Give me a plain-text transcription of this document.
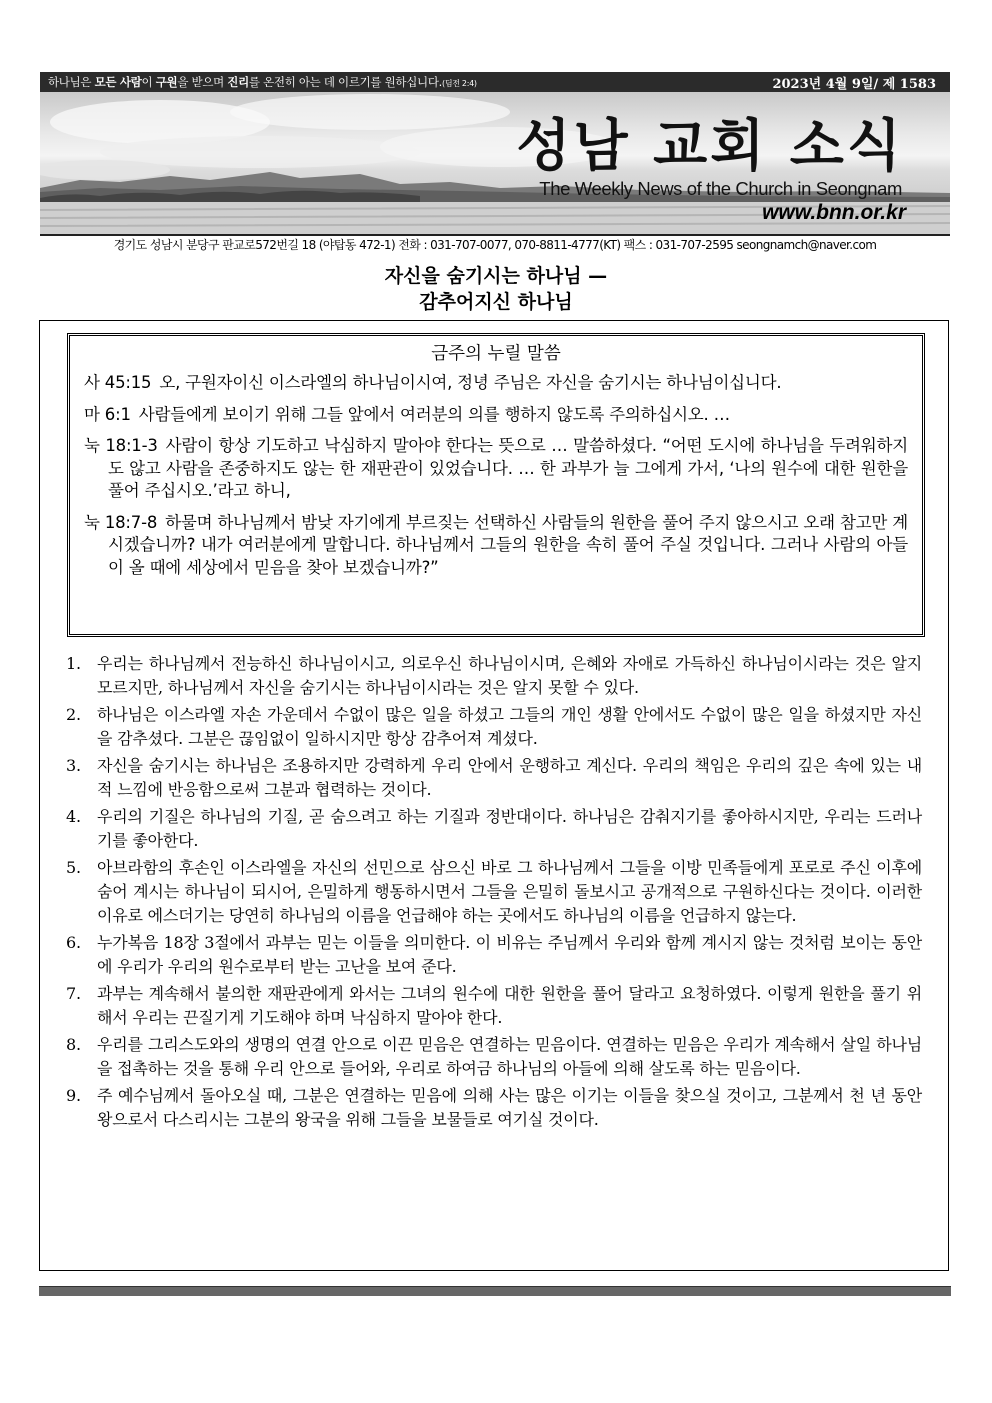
하나님은 모든 사람이 구원을 받으며 진리를 온전히 아는 데 이르기를 원하십니다.(딤전 2:4)	2023년 4월 9일/ 제 1583
성남 교회 소식
The Weekly News of the Church in Seongnam
www.bnn.or.kr
경기도 성남시 분당구 판교로572번길 18 (야탑동 472-1) 전화 : 031-707-0077, 070-8811-4777(KT) 팩스 : 031-707-2595 seongnamch@naver.com
자신을 숨기시는 하나님 —
감추어지신 하나님
금주의 누릴 말씀
사 45:15 오, 구원자이신 이스라엘의 하나님이시여, 정녕 주님은 자신을 숨기시는 하나님이십니다.
마 6:1 사람들에게 보이기 위해 그들 앞에서 여러분의 의를 행하지 않도록 주의하십시오. …
눅 18:1-3 사람이 항상 기도하고 낙심하지 말아야 한다는 뜻으로 … 말씀하셨다. “어떤 도시에 하나님을 두려워하지도 않고 사람을 존중하지도 않는 한 재판관이 있었습니다. … 한 과부가 늘 그에게 가서, ‘나의 원수에 대한 원한을 풀어 주십시오.’라고 하니,
눅 18:7-8 하물며 하나님께서 밤낮 자기에게 부르짖는 선택하신 사람들의 원한을 풀어 주지 않으시고 오래 참고만 계시겠습니까? 내가 여러분에게 말합니다. 하나님께서 그들의 원한을 속히 풀어 주실 것입니다. 그러나 사람의 아들이 올 때에 세상에서 믿음을 찾아 보겠습니까?”
1. 우리는 하나님께서 전능하신 하나님이시고, 의로우신 하나님이시며, 은혜와 자애로 가득하신 하나님이시라는 것은 알지 모르지만, 하나님께서 자신을 숨기시는 하나님이시라는 것은 알지 못할 수 있다.
2. 하나님은 이스라엘 자손 가운데서 수없이 많은 일을 하셨고 그들의 개인 생활 안에서도 수없이 많은 일을 하셨지만 자신을 감추셨다. 그분은 끊임없이 일하시지만 항상 감추어져 계셨다.
3. 자신을 숨기시는 하나님은 조용하지만 강력하게 우리 안에서 운행하고 계신다. 우리의 책임은 우리의 깊은 속에 있는 내적 느낌에 반응함으로써 그분과 협력하는 것이다.
4. 우리의 기질은 하나님의 기질, 곧 숨으려고 하는 기질과 정반대이다. 하나님은 감춰지기를 좋아하시지만, 우리는 드러나기를 좋아한다.
5. 아브라함의 후손인 이스라엘을 자신의 선민으로 삼으신 바로 그 하나님께서 그들을 이방 민족들에게 포로로 주신 이후에 숨어 계시는 하나님이 되시어, 은밀하게 행동하시면서 그들을 은밀히 돌보시고 공개적으로 구원하신다는 것이다. 이러한 이유로 에스더기는 당연히 하나님의 이름을 언급해야 하는 곳에서도 하나님의 이름을 언급하지 않는다.
6. 누가복음 18장 3절에서 과부는 믿는 이들을 의미한다. 이 비유는 주님께서 우리와 함께 계시지 않는 것처럼 보이는 동안에 우리가 우리의 원수로부터 받는 고난을 보여 준다.
7. 과부는 계속해서 불의한 재판관에게 와서는 그녀의 원수에 대한 원한을 풀어 달라고 요청하였다. 이렇게 원한을 풀기 위해서 우리는 끈질기게 기도해야 하며 낙심하지 말아야 한다.
8. 우리를 그리스도와의 생명의 연결 안으로 이끈 믿음은 연결하는 믿음이다. 연결하는 믿음은 우리가 계속해서 살일 하나님을 접촉하는 것을 통해 우리 안으로 들어와, 우리로 하여금 하나님의 아들에 의해 살도록 하는 믿음이다.
9. 주 예수님께서 돌아오실 때, 그분은 연결하는 믿음에 의해 사는 많은 이기는 이들을 찾으실 것이고, 그분께서 천 년 동안 왕으로서 다스리시는 그분의 왕국을 위해 그들을 보물들로 여기실 것이다.
